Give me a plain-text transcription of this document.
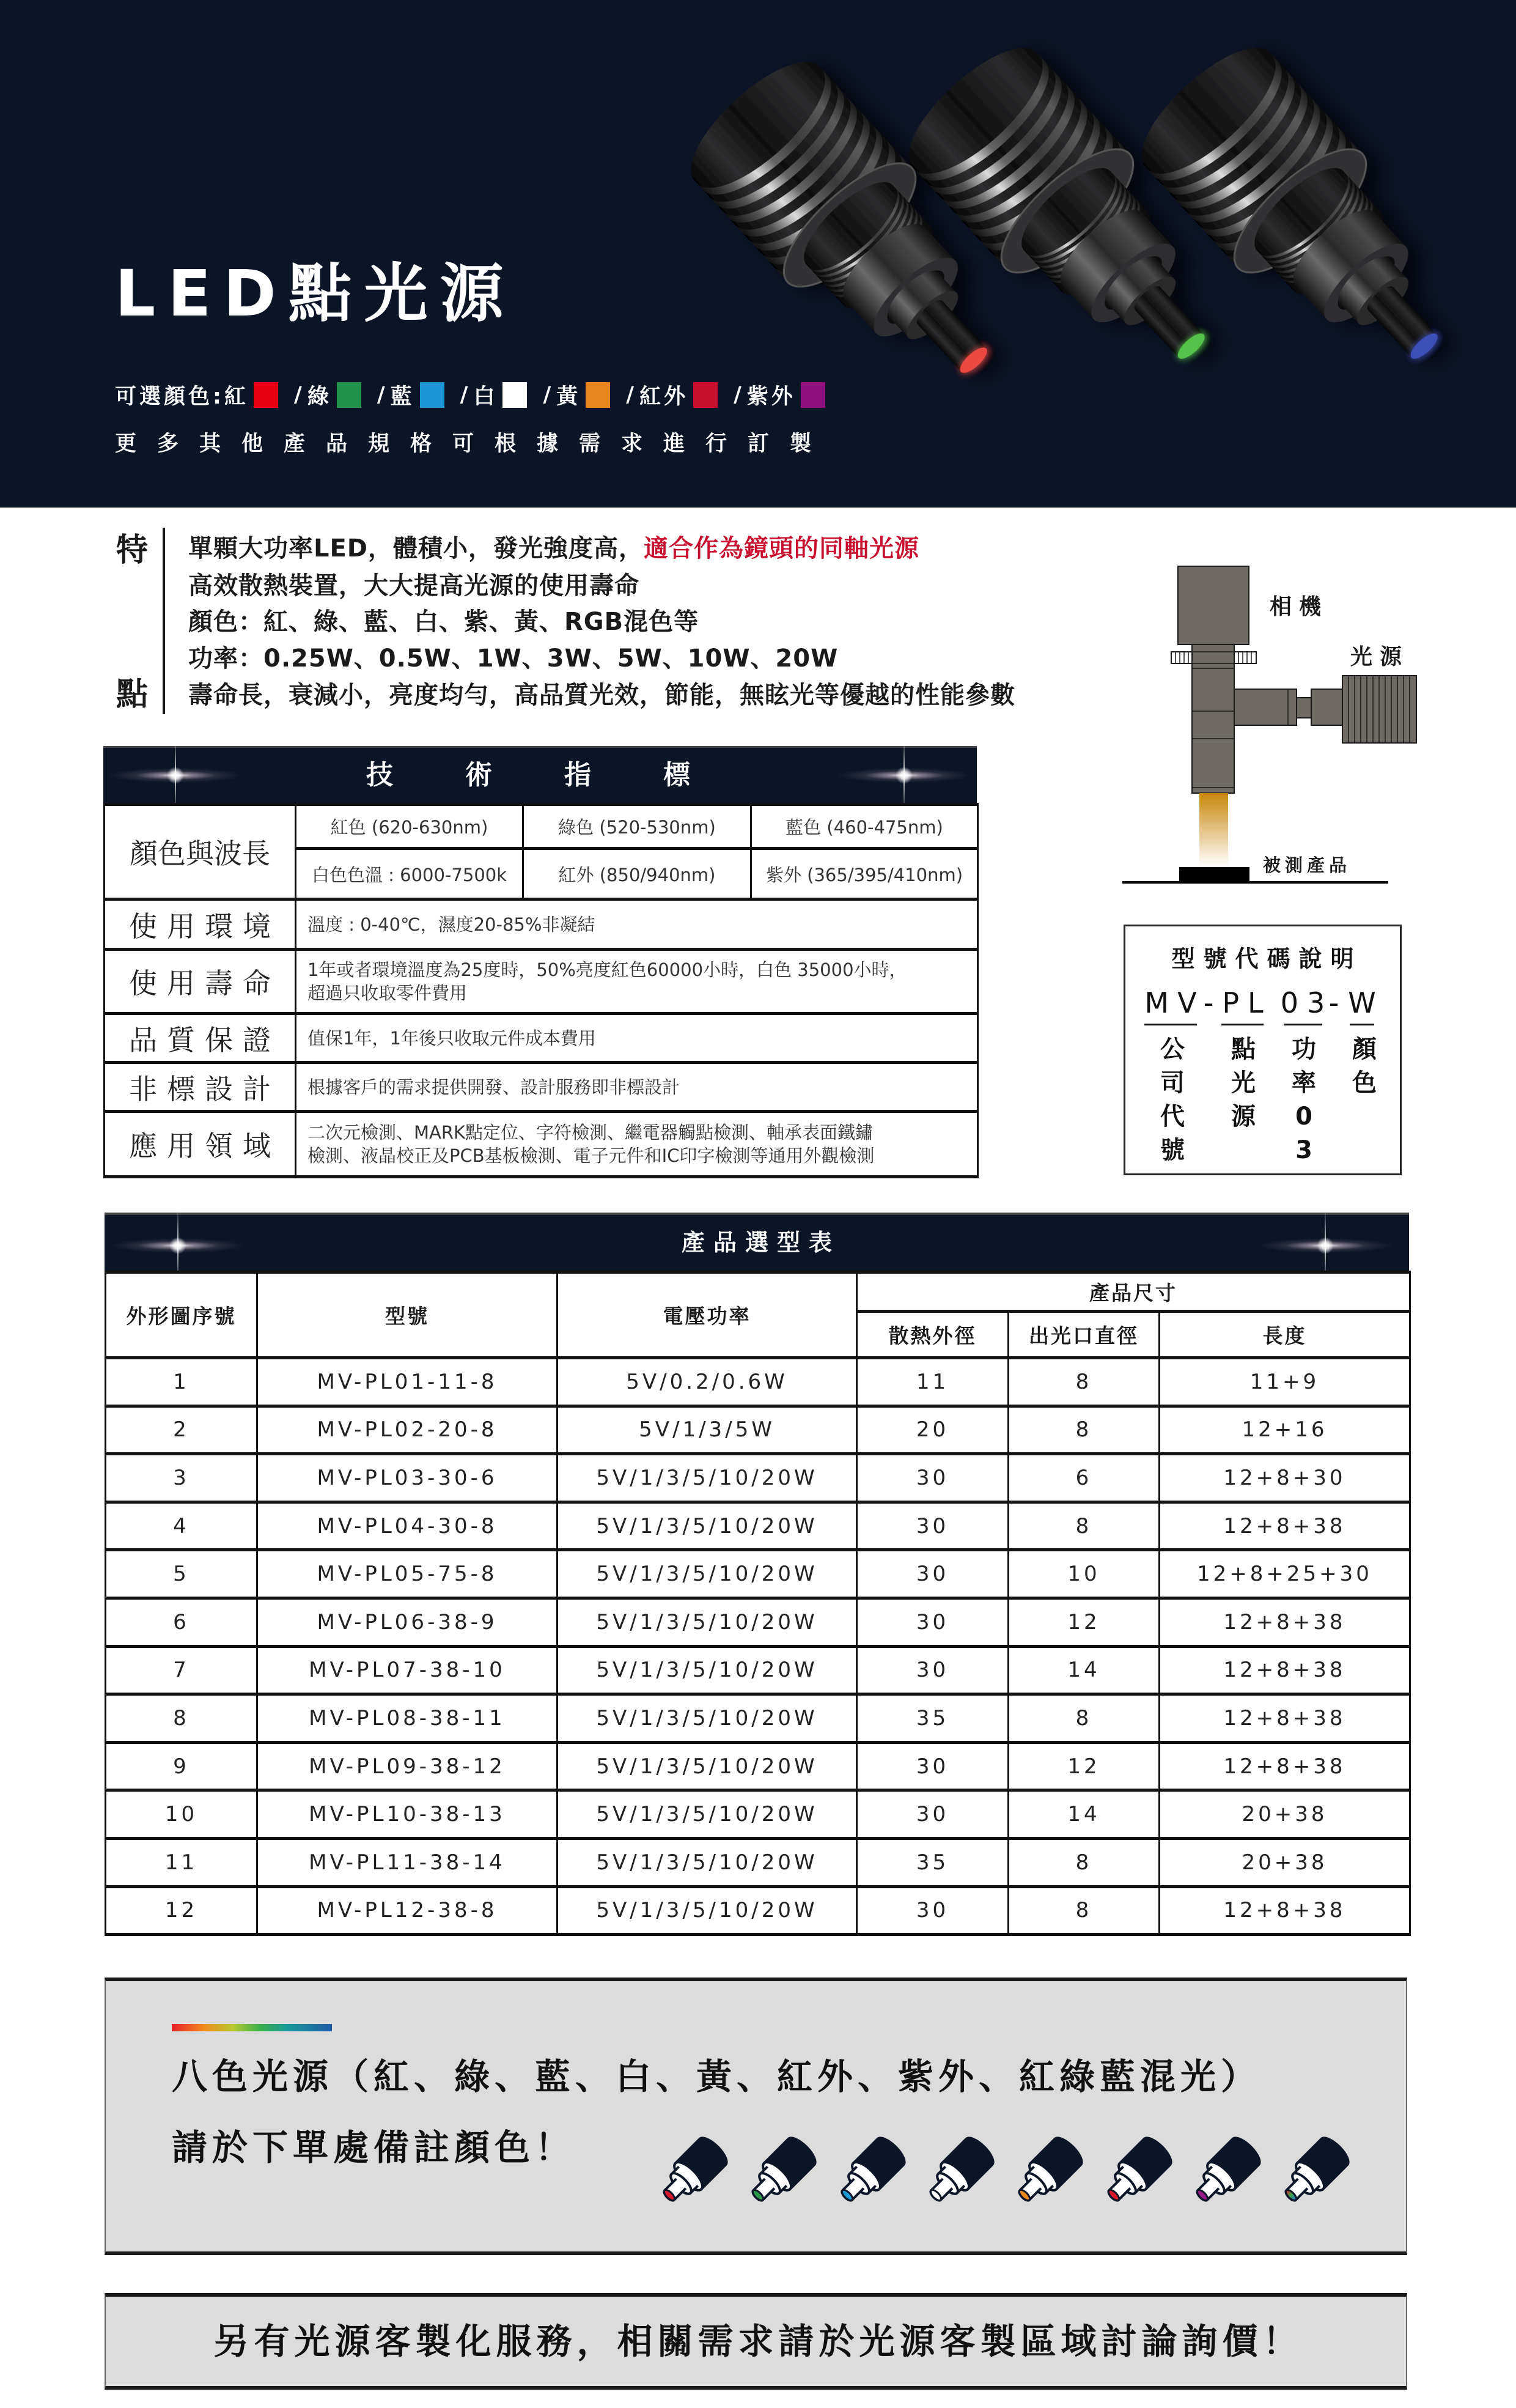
LED點光源
可選顏色: 紅 / 綠 / 藍 / 白 / 黃 / 紅外 / 紫外
更多其他產品規格可根據需求進行訂製
特
點
單顆大功率LED，體積小，發光強度高，適合作為鏡頭的同軸光源
高效散熱裝置，大大提高光源的使用壽命
顏色：紅、綠、藍、白、紫、黃、RGB混色等
功率：0.25W、0.5W、1W、3W、5W、10W、20W
壽命長，衰減小，亮度均勻，高品質光效，節能，無眩光等優越的性能參數
相機
光源
被測產品
技術指標
顏色與波長	紅色 (620-630nm)	綠色 (520-530nm)	藍色 (460-475nm)
	白色色溫 : 6000-7500k	紅外 (850/940nm)	紫外 (365/395/410nm)
使用環境	溫度 : 0-40℃，濕度20-85%非凝結		
使用壽命	1年或者環境溫度為25度時，50%亮度紅色60000小時，白色 35000小時，
超過只收取零件費用		

品質保證	值保1年，1年後只收取元件成本費用		
非標設計	根據客戶的需求提供開發、設計服務即非標設計		
應用領域	二次元檢測、MARK點定位、字符檢測、繼電器觸點檢測、軸承表面鐵鏽
檢測、液晶校正及PCB基板檢測、電子元件和IC印字檢測等通用外觀檢測		
型號代碼說明
MV
- PL 03
- W
公
司
代
號
點
光
源
功
率
0
3
顏
色
產品選型表
外形圖序號	型號	電壓功率	產品尺寸		
			散熱外徑	出光口直徑	長度
1	MV-PL01-11-8	5V/0.2/0.6W	11	8	11+9
2	MV-PL02-20-8	5V/1/3/5W	20	8	12+16
3	MV-PL03-30-6	5V/1/3/5/10/20W	30	6	12+8+30
4	MV-PL04-30-8	5V/1/3/5/10/20W	30	8	12+8+38
5	MV-PL05-75-8	5V/1/3/5/10/20W	30	10	12+8+25+30
6	MV-PL06-38-9	5V/1/3/5/10/20W	30	12	12+8+38
7	MV-PL07-38-10	5V/1/3/5/10/20W	30	14	12+8+38
8	MV-PL08-38-11	5V/1/3/5/10/20W	35	8	12+8+38
9	MV-PL09-38-12	5V/1/3/5/10/20W	30	12	12+8+38
10	MV-PL10-38-13	5V/1/3/5/10/20W	30	14	20+38
11	MV-PL11-38-14	5V/1/3/5/10/20W	35	8	20+38
12	MV-PL12-38-8	5V/1/3/5/10/20W	30	8	12+8+38
八色光源（紅、綠、藍、白、黃、紅外、紫外、紅綠藍混光）
請於下單處備註顏色！
另有光源客製化服務，相關需求請於光源客製區域討論詢價！
